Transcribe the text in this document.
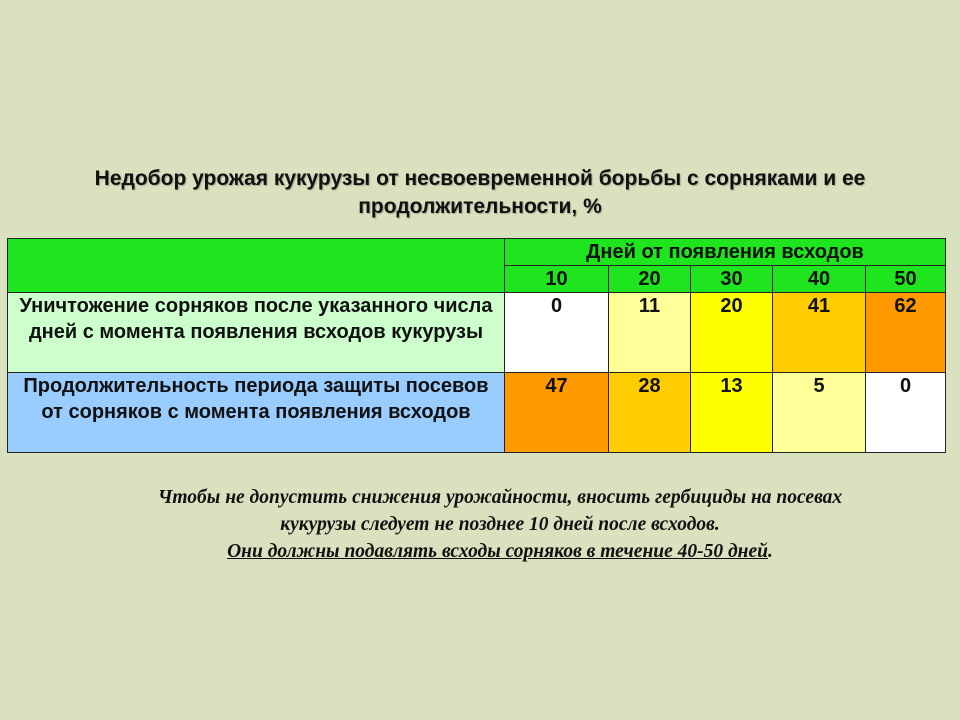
Недобор урожая кукурузы от несвоевременной борьбы с сорняками и ее продолжительности, %
	Дней от появления всходов				
	10	20	30	40	50
Уничтожение сорняков после указанного числа дней с момента появления всходов кукурузы	0	11	20	41	62
Продолжительность периода защиты посевов от сорняков с момента появления всходов	47	28	13	5	0
Чтобы не допустить снижения урожайности, вносить гербициды на посевах
кукурузы следует не позднее 10 дней после всходов.
Они должны подавлять всходы сорняков в течение 40-50 дней.
